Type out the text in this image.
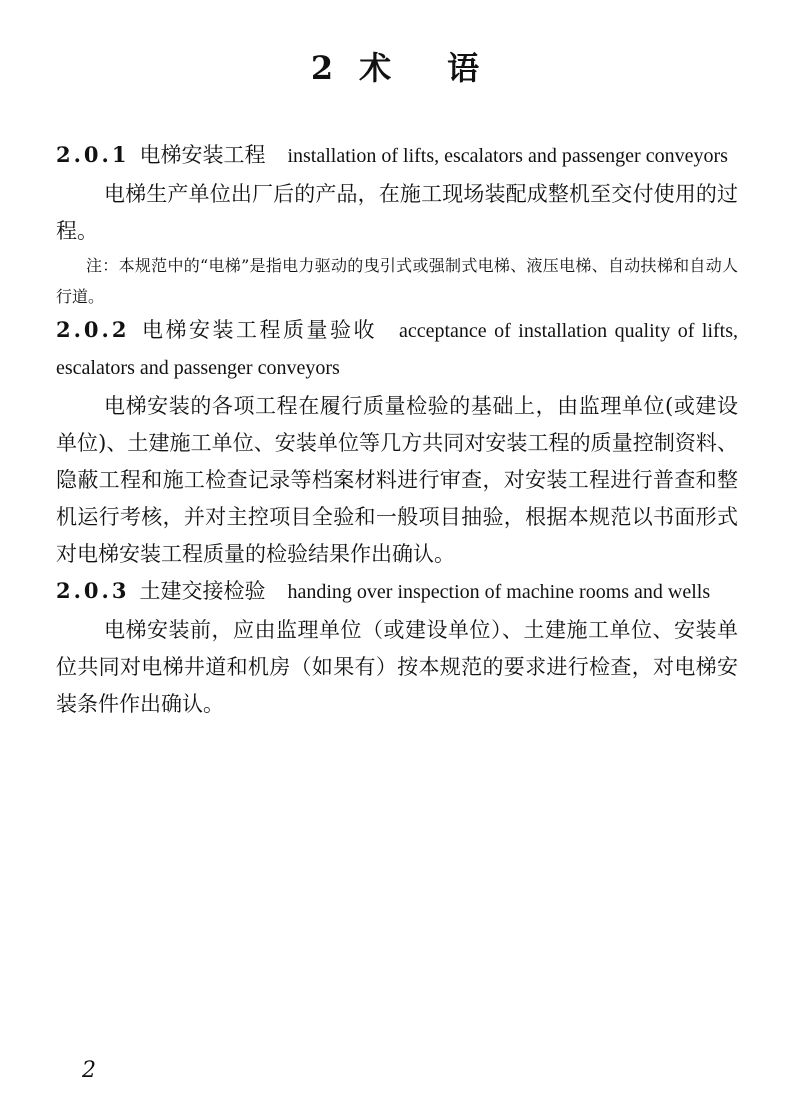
2 术 语

2.0.1 电梯安装工程 installation of lifts, escalators and passenger conveyors

电梯生产单位出厂后的产品，在施工现场装配成整机至交付使用的过程。

注：本规范中的“电梯”是指电力驱动的曳引式或强制式电梯、液压电梯、自动扶梯和自动人行道。

2.0.2 电梯安装工程质量验收 acceptance of installation quality of lifts, escalators and passenger conveyors

电梯安装的各项工程在履行质量检验的基础上，由监理单位(或建设单位)、土建施工单位、安装单位等几方共同对安装工程的质量控制资料、隐蔽工程和施工检查记录等档案材料进行审查，对安装工程进行普查和整机运行考核，并对主控项目全验和一般项目抽验，根据本规范以书面形式对电梯安装工程质量的检验结果作出确认。

2.0.3 土建交接检验 handing over inspection of machine rooms and wells

电梯安装前，应由监理单位（或建设单位）、土建施工单位、安装单位共同对电梯井道和机房（如果有）按本规范的要求进行检查，对电梯安装条件作出确认。

2
